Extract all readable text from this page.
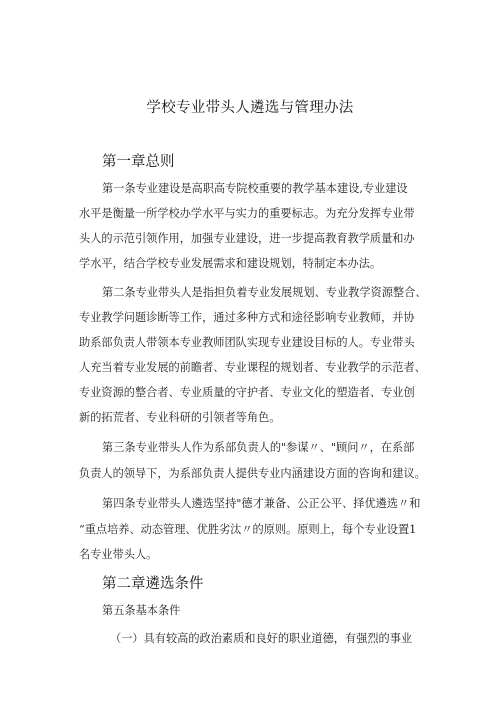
学校专业带头人遴选与管理办法
第一章总则
第一条专业建设是高职高专院校重要的教学基本建设,专业建设
水平是衡量一所学校办学水平与实力的重要标志。为充分发挥专业带
头人的示范引领作用，加强专业建设，进一步提高教育教学质量和办
学水平，结合学校专业发展需求和建设规划，特制定本办法。
第二条专业带头人是指担负着专业发展规划、专业教学资源整合、
专业教学问题诊断等工作，通过多种方式和途径影响专业教师，并协
助系部负责人带领本专业教师团队实现专业建设目标的人。专业带头
人充当着专业发展的前瞻者、专业课程的规划者、专业教学的示范者、
专业资源的整合者、专业质量的守护者、专业文化的塑造者、专业创
新的拓荒者、专业科研的引领者等角色。
第三条专业带头人作为系部负责人的"参谋〃、"顾问〃，在系部
负责人的领导下，为系部负责人提供专业内涵建设方面的咨询和建议。
第四条专业带头人遴选坚持"德才兼备、公正公平、择优遴选〃和
“重点培养、动态管理、优胜劣汰〃的原则。原则上，每个专业设置1
名专业带头人。
第二章遴选条件
第五条基本条件
（一）具有较高的政治素质和良好的职业道德，有强烈的事业
